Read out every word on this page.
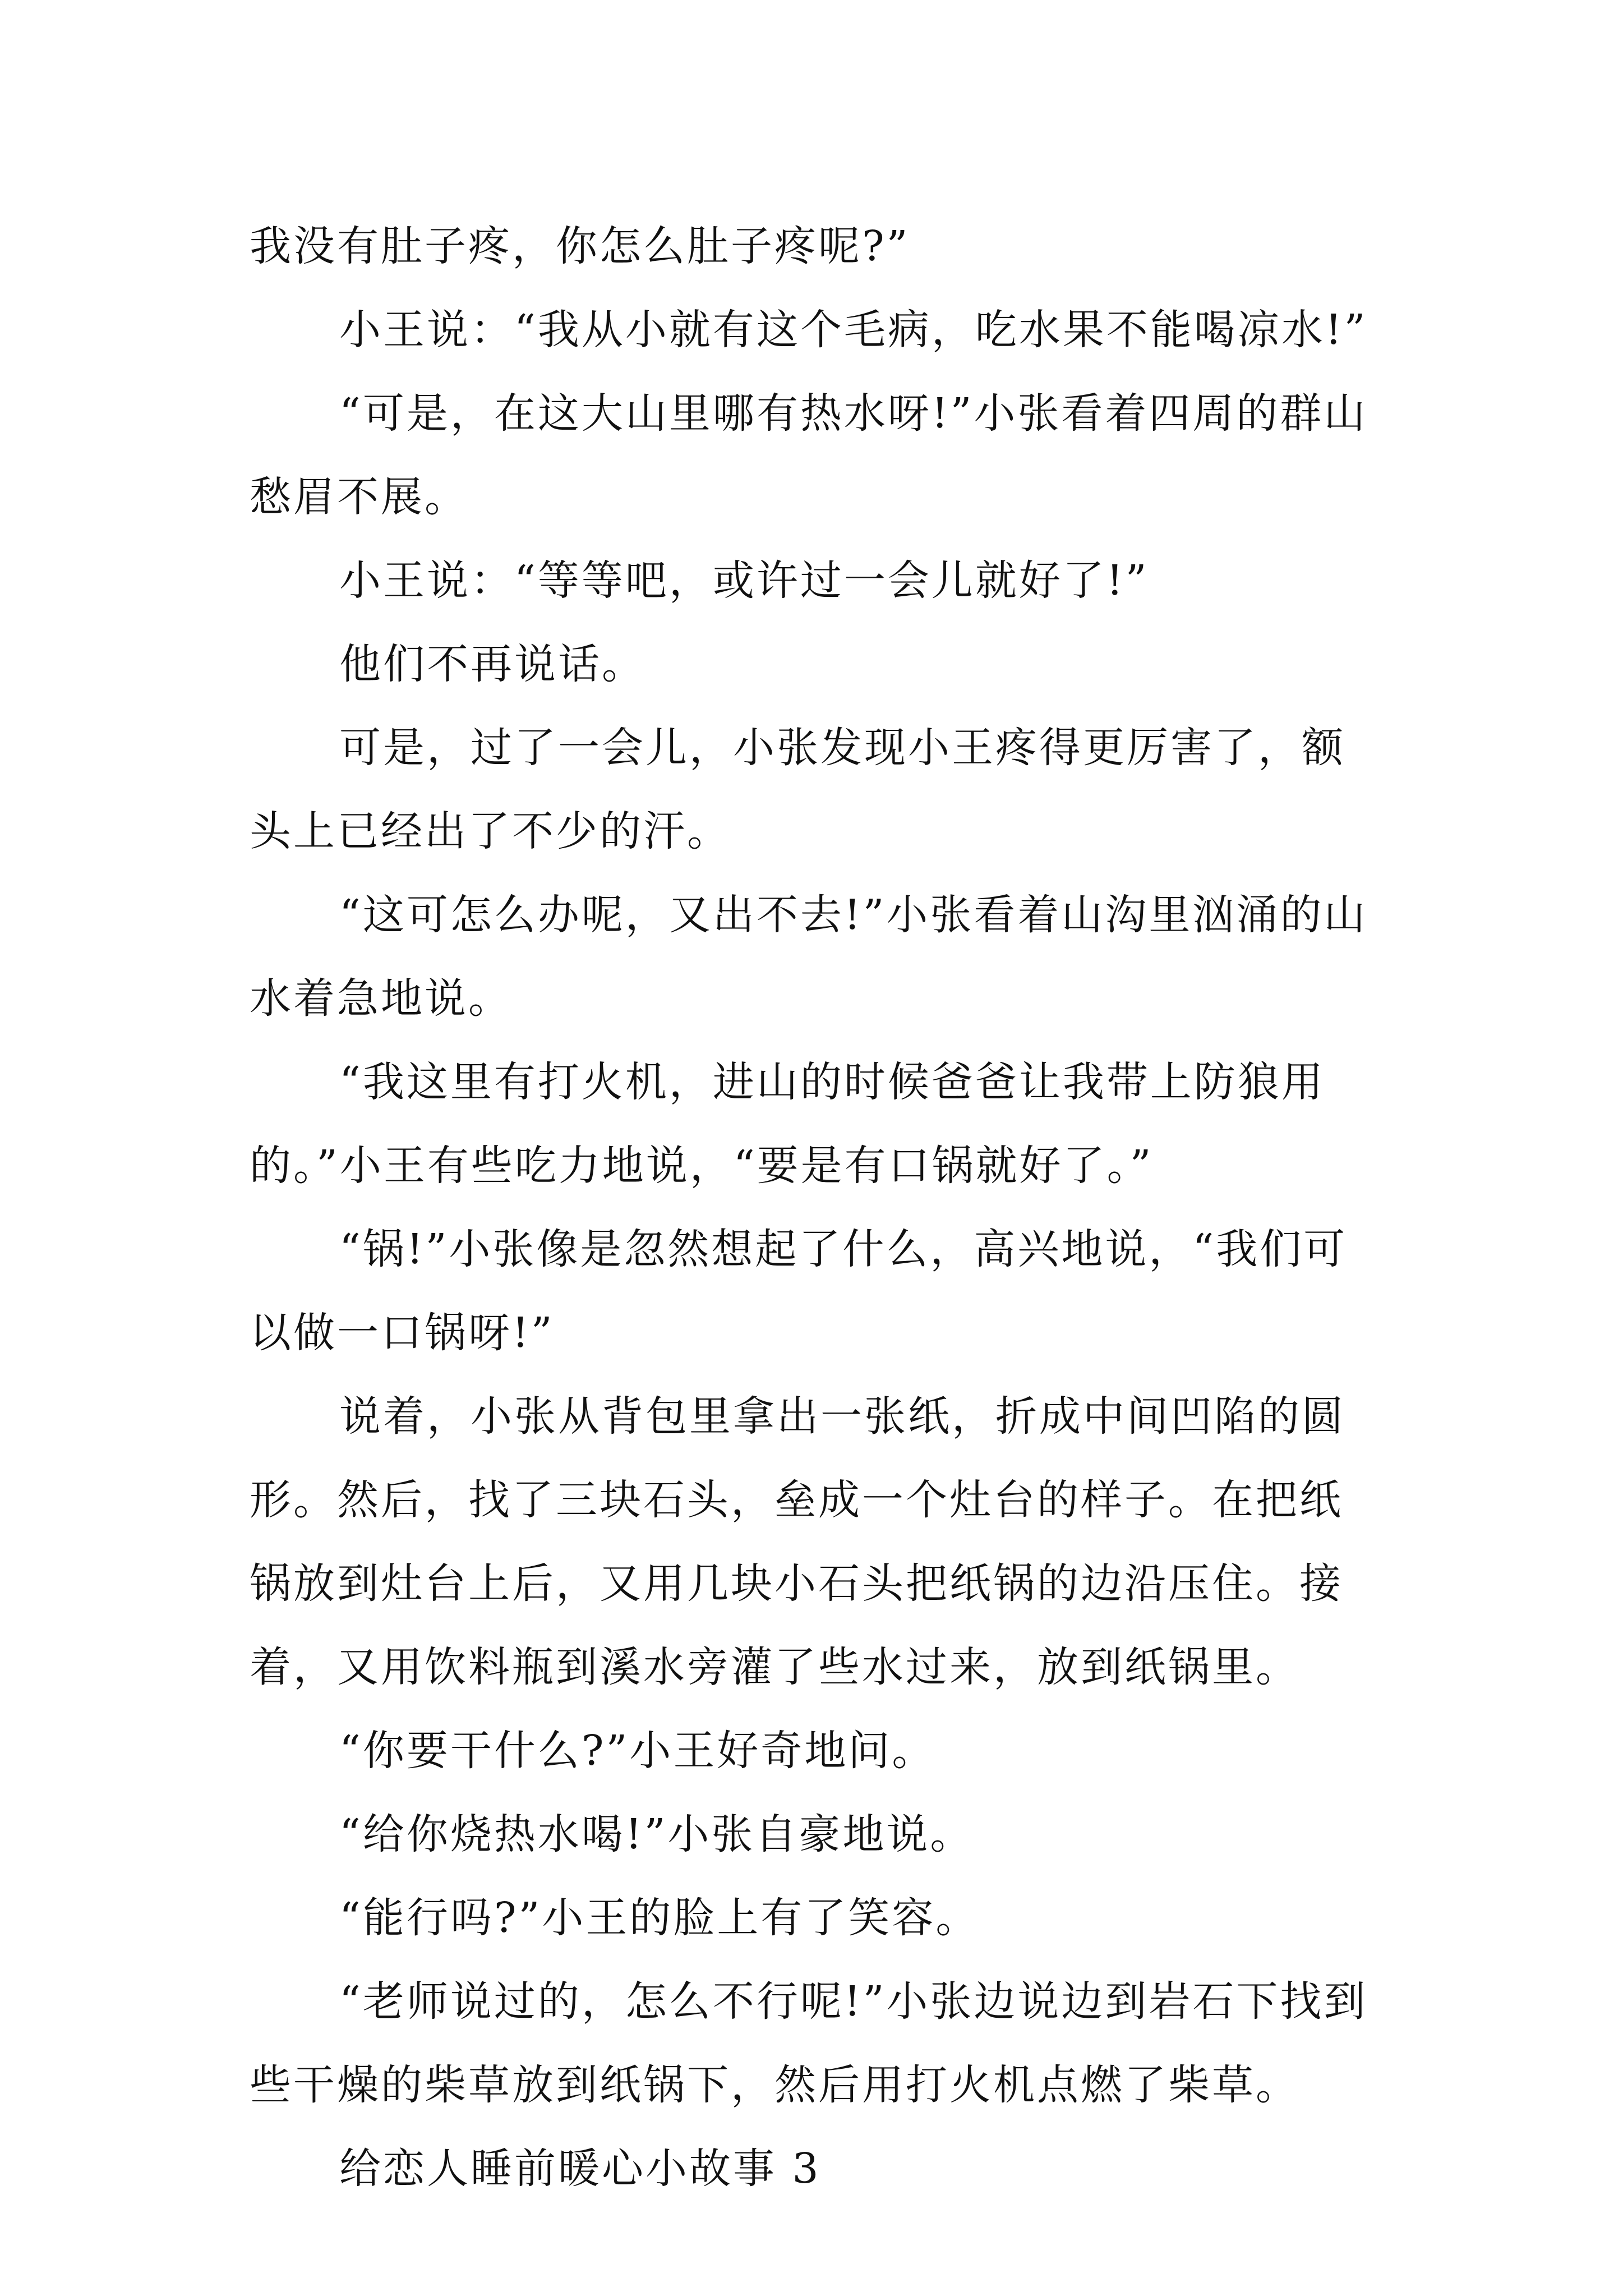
我没有肚子疼，你怎么肚子疼呢?”

小王说：“我从小就有这个毛病，吃水果不能喝凉水!”

“可是，在这大山里哪有热水呀!”小张看着四周的群山愁眉不展。

小王说：“等等吧，或许过一会儿就好了!”

他们不再说话。

可是，过了一会儿，小张发现小王疼得更厉害了，额头上已经出了不少的汗。

“这可怎么办呢，又出不去!”小张看着山沟里汹涌的山水着急地说。

“我这里有打火机，进山的时候爸爸让我带上防狼用的。”小王有些吃力地说，“要是有口锅就好了。”

“锅!”小张像是忽然想起了什么，高兴地说，“我们可以做一口锅呀!”

说着，小张从背包里拿出一张纸，折成中间凹陷的圆形。然后，找了三块石头，垒成一个灶台的样子。在把纸锅放到灶台上后，又用几块小石头把纸锅的边沿压住。接着，又用饮料瓶到溪水旁灌了些水过来，放到纸锅里。

“你要干什么?”小王好奇地问。

“给你烧热水喝!”小张自豪地说。

“能行吗?”小王的脸上有了笑容。

“老师说过的，怎么不行呢!”小张边说边到岩石下找到些干燥的柴草放到纸锅下，然后用打火机点燃了柴草。

给恋人睡前暖心小故事 3
